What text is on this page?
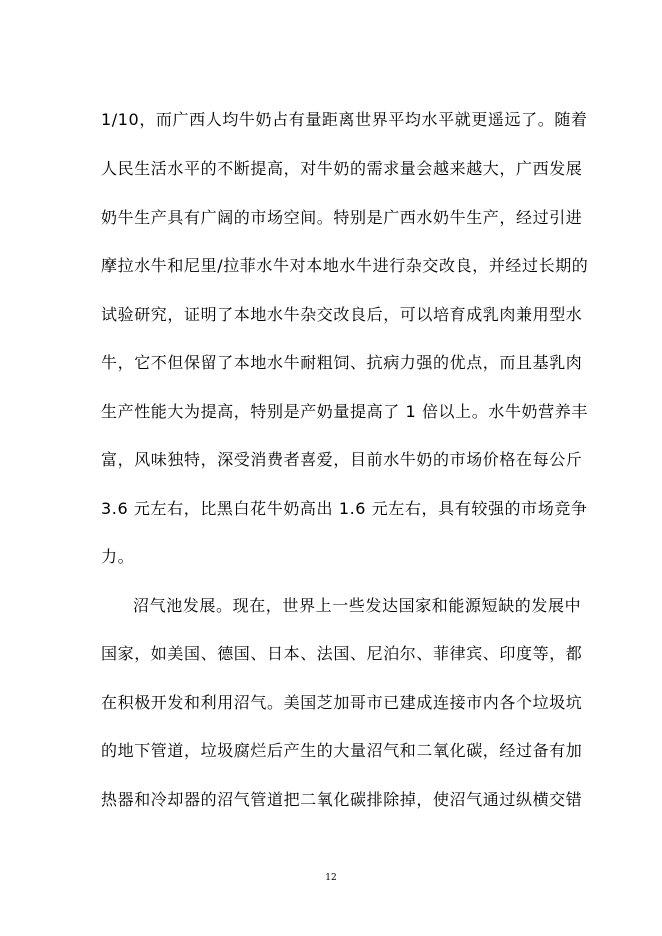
1/10，而广西人均牛奶占有量距离世界平均水平就更遥远了。随着
人民生活水平的不断提高，对牛奶的需求量会越来越大，广西发展
奶牛生产具有广阔的市场空间。特别是广西水奶牛生产，经过引进
摩拉水牛和尼里/拉菲水牛对本地水牛进行杂交改良，并经过长期的
试验研究，证明了本地水牛杂交改良后，可以培育成乳肉兼用型水
牛，它不但保留了本地水牛耐粗饲、抗病力强的优点，而且基乳肉
生产性能大为提高，特别是产奶量提高了 1 倍以上。水牛奶营养丰
富，风味独特，深受消费者喜爱，目前水牛奶的市场价格在每公斤
3.6 元左右，比黑白花牛奶高出 1.6 元左右，具有较强的市场竞争
力。
沼气池发展。现在，世界上一些发达国家和能源短缺的发展中
国家，如美国、德国、日本、法国、尼泊尔、菲律宾、印度等，都
在积极开发和利用沼气。美国芝加哥市已建成连接市内各个垃圾坑
的地下管道，垃圾腐烂后产生的大量沼气和二氧化碳，经过备有加
热器和冷却器的沼气管道把二氧化碳排除掉，使沼气通过纵横交错
12
